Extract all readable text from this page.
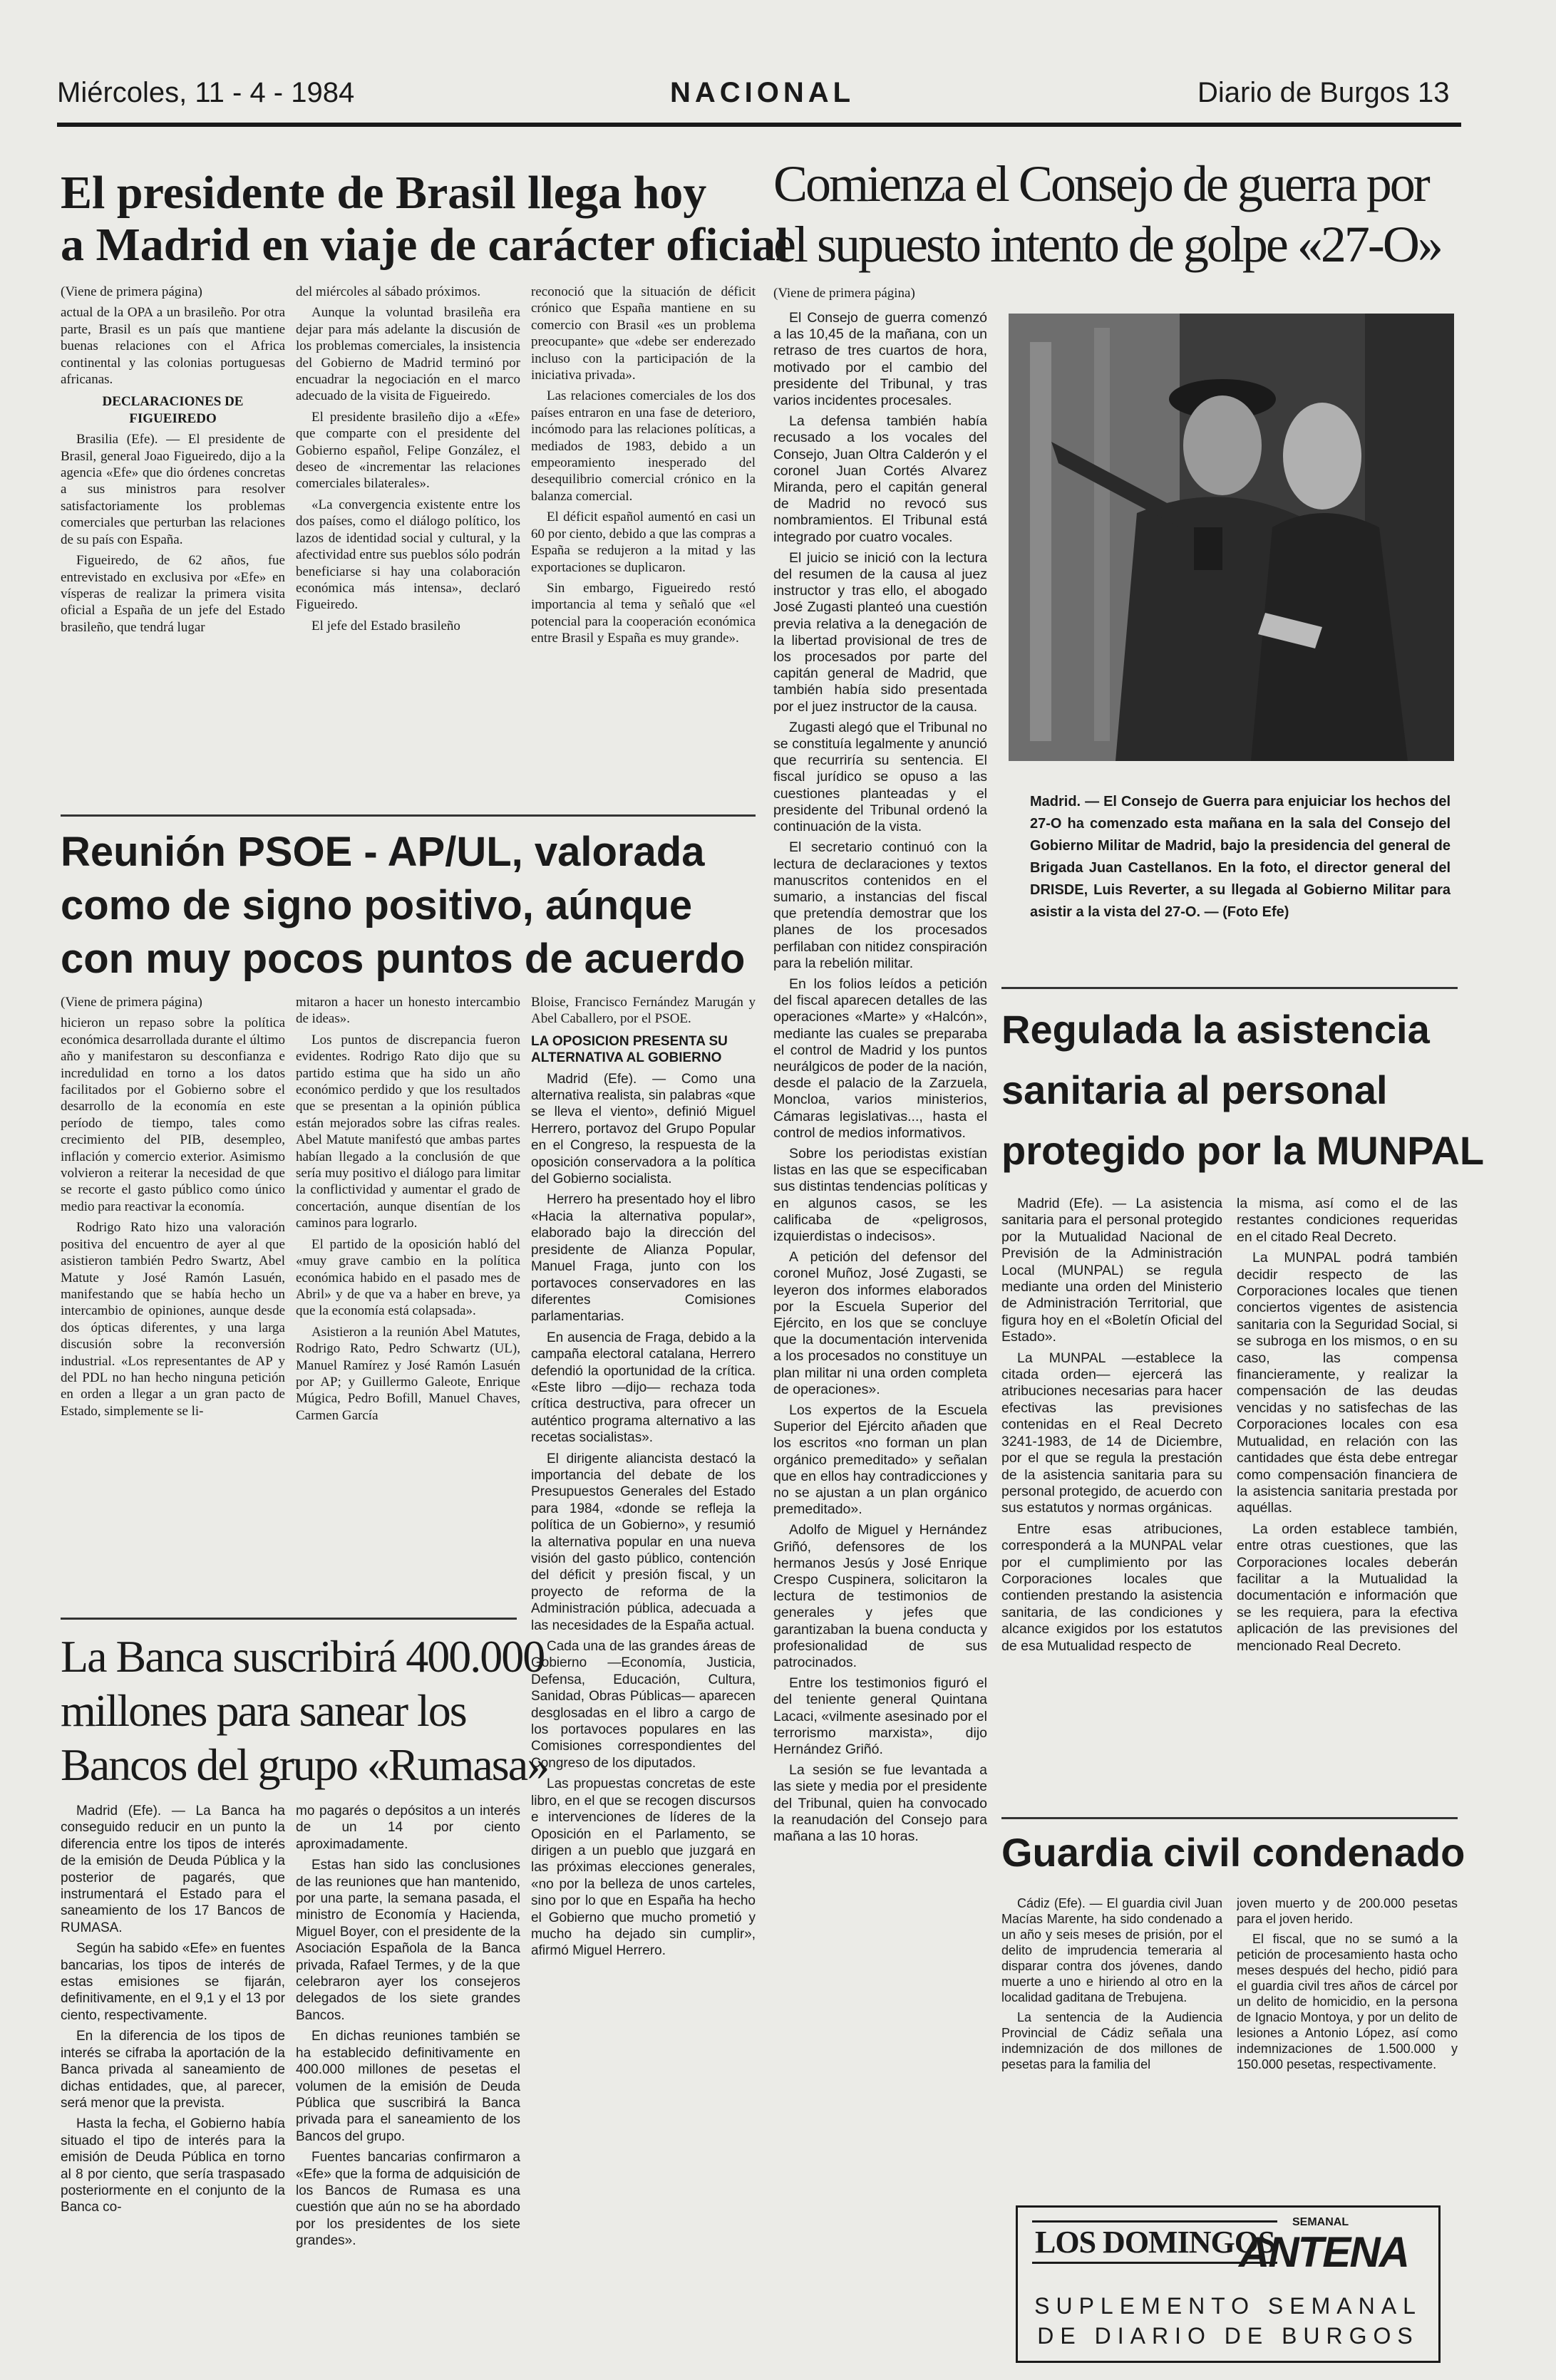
Miércoles, 11 - 4 - 1984	NACIONAL	Diario de Burgos 13
El presidente de Brasil llega hoy
a Madrid en viaje de carácter oficial

(Viene de primera página)

actual de la OPA a un brasileño. Por otra parte, Brasil es un país que mantiene buenas relaciones con el Africa continental y las colonias portuguesas africanas.

DECLARACIONES DE FIGUEIREDO

Brasilia (Efe). — El presidente de Brasil, general Joao Figueiredo, dijo a la agencia «Efe» que dio órdenes concretas a sus ministros para resolver satisfactoriamente los problemas comerciales que perturban las relaciones de su país con España.

Figueiredo, de 62 años, fue entrevistado en exclusiva por «Efe» en vísperas de realizar la primera visita oficial a España de un jefe del Estado brasileño, que tendrá lugar

del miércoles al sábado próximos.

Aunque la voluntad brasileña era dejar para más adelante la discusión de los problemas comerciales, la insistencia del Gobierno de Madrid terminó por encuadrar la negociación en el marco adecuado de la visita de Figueiredo.

El presidente brasileño dijo a «Efe» que comparte con el presidente del Gobierno español, Felipe González, el deseo de «incrementar las relaciones comerciales bilaterales».

«La convergencia existente entre los dos países, como el diálogo político, los lazos de identidad social y cultural, y la afectividad entre sus pueblos sólo podrán beneficiarse si hay una colaboración económica más intensa», declaró Figueiredo.

El jefe del Estado brasileño

reconoció que la situación de déficit crónico que España mantiene en su comercio con Brasil «es un problema preocupante» que «debe ser enderezado incluso con la participación de la iniciativa privada».

Las relaciones comerciales de los dos países entraron en una fase de deterioro, incómodo para las relaciones políticas, a mediados de 1983, debido a un empeoramiento inesperado del desequilibrio comercial crónico en la balanza comercial.

El déficit español aumentó en casi un 60 por ciento, debido a que las compras a España se redujeron a la mitad y las exportaciones se duplicaron.

Sin embargo, Figueiredo restó importancia al tema y señaló que «el potencial para la cooperación económica entre Brasil y España es muy grande».

Reunión PSOE - AP/UL, valorada
como de signo positivo, aúnque
con muy pocos puntos de acuerdo

(Viene de primera página)

hicieron un repaso sobre la política económica desarrollada durante el último año y manifestaron su desconfianza e incredulidad en torno a los datos facilitados por el Gobierno sobre el desarrollo de la economía en este período de tiempo, tales como crecimiento del PIB, desempleo, inflación y comercio exterior. Asimismo volvieron a reiterar la necesidad de que se recorte el gasto público como único medio para reactivar la economía.

Rodrigo Rato hizo una valoración positiva del encuentro de ayer al que asistieron también Pedro Swartz, Abel Matute y José Ramón Lasuén, manifestando que se había hecho un intercambio de opiniones, aunque desde dos ópticas diferentes, y una larga discusión sobre la reconversión industrial. «Los representantes de AP y del PDL no han hecho ninguna petición en orden a llegar a un gran pacto de Estado, simplemente se li-

mitaron a hacer un honesto intercambio de ideas».

Los puntos de discrepancia fueron evidentes. Rodrigo Rato dijo que su partido estima que ha sido un año económico perdido y que los resultados que se presentan a la opinión pública están mejorados sobre las cifras reales. Abel Matute manifestó que ambas partes habían llegado a la conclusión de que sería muy positivo el diálogo para limitar la conflictividad y aumentar el grado de concertación, aunque disentían de los caminos para lograrlo.

El partido de la oposición habló del «muy grave cambio en la política económica habido en el pasado mes de Abril» y de que va a haber en breve, ya que la economía está colapsada».

Asistieron a la reunión Abel Matutes, Rodrigo Rato, Pedro Schwartz (UL), Manuel Ramírez y José Ramón Lasuén por AP; y Guillermo Galeote, Enrique Múgica, Pedro Bofill, Manuel Chaves, Carmen García

Bloise, Francisco Fernández Marugán y Abel Caballero, por el PSOE.

LA OPOSICION PRESENTA SU ALTERNATIVA AL GOBIERNO

Madrid (Efe). — Como una alternativa realista, sin palabras «que se lleva el viento», definió Miguel Herrero, portavoz del Grupo Popular en el Congreso, la respuesta de la oposición conservadora a la política del Gobierno socialista.

Herrero ha presentado hoy el libro «Hacia la alternativa popular», elaborado bajo la dirección del presidente de Alianza Popular, Manuel Fraga, junto con los portavoces conservadores en las diferentes Comisiones parlamentarias.

En ausencia de Fraga, debido a la campaña electoral catalana, Herrero defendió la oportunidad de la crítica. «Este libro —dijo— rechaza toda crítica destructiva, para ofrecer un auténtico programa alternativo a las recetas socialistas».

El dirigente aliancista destacó la importancia del debate de los Presupuestos Generales del Estado para 1984, «donde se refleja la política de un Gobierno», y resumió la alternativa popular en una nueva visión del gasto público, contención del déficit y presión fiscal, y un proyecto de reforma de la Administración pública, adecuada a las necesidades de la España actual.

Cada una de las grandes áreas de Gobierno —Economía, Justicia, Defensa, Educación, Cultura, Sanidad, Obras Públicas— aparecen desglosadas en el libro a cargo de los portavoces populares en las Comisiones correspondientes del Congreso de los diputados.

Las propuestas concretas de este libro, en el que se recogen discursos e intervenciones de líderes de la Oposición en el Parlamento, se dirigen a un pueblo que juzgará en las próximas elecciones generales, «no por la belleza de unos carteles, sino por lo que en España ha hecho el Gobierno que mucho prometió y mucho ha dejado sin cumplir», afirmó Miguel Herrero.

La Banca suscribirá 400.000
millones para sanear los
Bancos del grupo «Rumasa»

Madrid (Efe). — La Banca ha conseguido reducir en un punto la diferencia entre los tipos de interés de la emisión de Deuda Pública y la posterior de pagarés, que instrumentará el Estado para el saneamiento de los 17 Bancos de RUMASA.

Según ha sabido «Efe» en fuentes bancarias, los tipos de interés de estas emisiones se fijarán, definitivamente, en el 9,1 y el 13 por ciento, respectivamente.

En la diferencia de los tipos de interés se cifraba la aportación de la Banca privada al saneamiento de dichas entidades, que, al parecer, será menor que la prevista.

Hasta la fecha, el Gobierno había situado el tipo de interés para la emisión de Deuda Pública en torno al 8 por ciento, que sería traspasado posteriormente en el conjunto de la Banca co-

mo pagarés o depósitos a un interés de un 14 por ciento aproximadamente.

Estas han sido las conclusiones de las reuniones que han mantenido, por una parte, la semana pasada, el ministro de Economía y Hacienda, Miguel Boyer, con el presidente de la Asociación Española de la Banca privada, Rafael Termes, y de la que celebraron ayer los consejeros delegados de los siete grandes Bancos.

En dichas reuniones también se ha establecido definitivamente en 400.000 millones de pesetas el volumen de la emisión de Deuda Pública que suscribirá la Banca privada para el saneamiento de los Bancos del grupo.

Fuentes bancarias confirmaron a «Efe» que la forma de adquisición de los Bancos de Rumasa es una cuestión que aún no se ha abordado por los presidentes de los siete grandes».

Comienza el Consejo de guerra por
el supuesto intento de golpe «27-O»

(Viene de primera página)

El Consejo de guerra comenzó a las 10,45 de la mañana, con un retraso de tres cuartos de hora, motivado por el cambio del presidente del Tribunal, y tras varios incidentes procesales.

La defensa también había recusado a los vocales del Consejo, Juan Oltra Calderón y el coronel Juan Cortés Alvarez Miranda, pero el capitán general de Madrid no revocó sus nombramientos. El Tribunal está integrado por cuatro vocales.

El juicio se inició con la lectura del resumen de la causa al juez instructor y tras ello, el abogado José Zugasti planteó una cuestión previa relativa a la denegación de la libertad provisional de tres de los procesados por parte del capitán general de Madrid, que también había sido presentada por el juez instructor de la causa.

Zugasti alegó que el Tribunal no se constituía legalmente y anunció que recurriría su sentencia. El fiscal jurídico se opuso a las cuestiones planteadas y el presidente del Tribunal ordenó la continuación de la vista.

El secretario continuó con la lectura de declaraciones y textos manuscritos contenidos en el sumario, a instancias del fiscal que pretendía demostrar que los planes de los procesados perfilaban con nitidez conspiración para la rebelión militar.

En los folios leídos a petición del fiscal aparecen detalles de las operaciones «Marte» y «Halcón», mediante las cuales se preparaba el control de Madrid y los puntos neurálgicos de poder de la nación, desde el palacio de la Zarzuela, Moncloa, varios ministerios, Cámaras legislativas..., hasta el control de medios informativos.

Sobre los periodistas existían listas en las que se especificaban sus distintas tendencias políticas y en algunos casos, se les calificaba de «peligrosos, izquierdistas o indecisos».

A petición del defensor del coronel Muñoz, José Zugasti, se leyeron dos informes elaborados por la Escuela Superior del Ejército, en los que se concluye que la documentación intervenida a los procesados no constituye un plan militar ni una orden completa de operaciones».

Los expertos de la Escuela Superior del Ejército añaden que los escritos «no forman un plan orgánico premeditado» y señalan que en ellos hay contradicciones y no se ajustan a un plan orgánico premeditado».

Adolfo de Miguel y Hernández Griñó, defensores de los hermanos Jesús y José Enrique Crespo Cuspinera, solicitaron la lectura de testimonios de generales y jefes que garantizaban la buena conducta y profesionalidad de sus patrocinados.

Entre los testimonios figuró el del teniente general Quintana Lacaci, «vilmente asesinado por el terrorismo marxista», dijo Hernández Griñó.

La sesión se fue levantada a las siete y media por el presidente del Tribunal, quien ha convocado la reanudación del Consejo para mañana a las 10 horas.

Madrid. — El Consejo de Guerra para enjuiciar los hechos del 27-O ha comenzado esta mañana en la sala del Consejo del Gobierno Militar de Madrid, bajo la presidencia del general de Brigada Juan Castellanos. En la foto, el director general del DRISDE, Luis Reverter, a su llegada al Gobierno Militar para asistir a la vista del 27-O. — (Foto Efe)

Regulada la asistencia
sanitaria al personal
protegido por la MUNPAL

Madrid (Efe). — La asistencia sanitaria para el personal protegido por la Mutualidad Nacional de Previsión de la Administración Local (MUNPAL) se regula mediante una orden del Ministerio de Administración Territorial, que figura hoy en el «Boletín Oficial del Estado».

La MUNPAL —establece la citada orden— ejercerá las atribuciones necesarias para hacer efectivas las previsiones contenidas en el Real Decreto 3241-1983, de 14 de Diciembre, por el que se regula la prestación de la asistencia sanitaria para su personal protegido, de acuerdo con sus estatutos y normas orgánicas.

Entre esas atribuciones, corresponderá a la MUNPAL velar por el cumplimiento por las Corporaciones locales que contienden prestando la asistencia sanitaria, de las condiciones y alcance exigidos por los estatutos de esa Mutualidad respecto de

la misma, así como el de las restantes condiciones requeridas en el citado Real Decreto.

La MUNPAL podrá también decidir respecto de las Corporaciones locales que tienen conciertos vigentes de asistencia sanitaria con la Seguridad Social, si se subroga en los mismos, o en su caso, las compensa financieramente, y realizar la compensación de las deudas vencidas y no satisfechas de las Corporaciones locales con esa Mutualidad, en relación con las cantidades que ésta debe entregar como compensación financiera de la asistencia sanitaria prestada por aquéllas.

La orden establece también, entre otras cuestiones, que las Corporaciones locales deberán facilitar a la Mutualidad la documentación e información que se les requiera, para la efectiva aplicación de las previsiones del mencionado Real Decreto.

Guardia civil condenado

Cádiz (Efe). — El guardia civil Juan Macías Marente, ha sido condenado a un año y seis meses de prisión, por el delito de imprudencia temeraria al disparar contra dos jóvenes, dando muerte a uno e hiriendo al otro en la localidad gaditana de Trebujena.

La sentencia de la Audiencia Provincial de Cádiz señala una indemnización de dos millones de pesetas para la familia del

joven muerto y de 200.000 pesetas para el joven herido.

El fiscal, que no se sumó a la petición de procesamiento hasta ocho meses después del hecho, pidió para el guardia civil tres años de cárcel por un delito de homicidio, en la persona de Ignacio Montoya, y por un delito de lesiones a Antonio López, así como indemnizaciones de 1.500.000 y 150.000 pesetas, respectivamente.

LOS DOMINGOS
SEMANAL
ANTENA
SUPLEMENTO SEMANAL
DE DIARIO DE BURGOS
